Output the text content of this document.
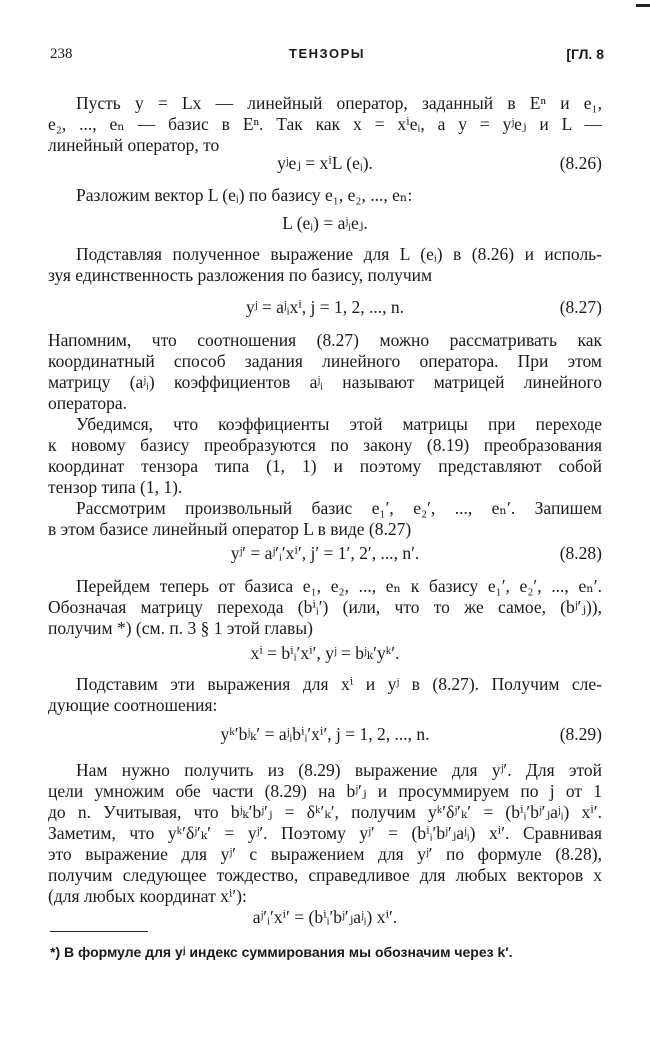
238	ТЕНЗОРЫ	[ГЛ. 8
Пусть y = Lx — линейный оператор, заданный в Eⁿ и e₁,
e₂, ..., eₙ — базис в Eⁿ. Так как x = xⁱeᵢ, а y = yʲeⱼ и L —
линейный оператор, то
yʲeⱼ = xⁱL (eᵢ).	(8.26)
Разложим вектор L (eᵢ) по базису e₁, e₂, ..., eₙ:
L (eᵢ) = aʲᵢeⱼ.
Подставляя полученное выражение для L (eᵢ) в (8.26) и исполь-
зуя единственность разложения по базису, получим
yʲ = aʲᵢxⁱ, j = 1, 2, ..., n.	(8.27)
Напомним, что соотношения (8.27) можно рассматривать как
координатный способ задания линейного оператора. При этом
матрицу (aʲᵢ) коэффициентов aʲᵢ называют матрицей линейного
оператора.
Убедимся, что коэффициенты этой матрицы при переходе
к новому базису преобразуются по закону (8.19) преобразования
координат тензора типа (1, 1) и поэтому представляют собой
тензор типа (1, 1).
Рассмотрим произвольный базис e₁′, e₂′, ..., eₙ′. Запишем
в этом базисе линейный оператор L в виде (8.27)
yʲ′ = aʲ′ᵢ′xⁱ′, j′ = 1′, 2′, ..., n′.	(8.28)
Перейдем теперь от базиса e₁, e₂, ..., eₙ к базису e₁′, e₂′, ..., eₙ′.
Обозначая матрицу перехода (bⁱᵢ′) (или, что то же самое, (bʲ′ⱼ)),
получим *) (см. п. 3 § 1 этой главы)
xⁱ = bⁱᵢ′xⁱ′, yʲ = bʲₖ′yᵏ′.
Подставим эти выражения для xⁱ и yʲ в (8.27). Получим сле-
дующие соотношения:
yᵏ′bʲₖ′ = aʲᵢbⁱᵢ′xⁱ′, j = 1, 2, ..., n.	(8.29)
Нам нужно получить из (8.29) выражение для yʲ′. Для этой
цели умножим обе части (8.29) на bʲ′ⱼ и просуммируем по j от 1
до n. Учитывая, что bʲₖ′bʲ′ⱼ = δᵏ′ₖ′, получим yᵏ′δʲ′ₖ′ = (bⁱᵢ′bʲ′ⱼaʲᵢ) xⁱ′.
Заметим, что yᵏ′δʲ′ₖ′ = yʲ′. Поэтому yʲ′ = (bⁱᵢ′bʲ′ⱼaʲᵢ) xⁱ′. Сравнивая
это выражение для yʲ′ с выражением для yʲ′ по формуле (8.28),
получим следующее тождество, справедливое для любых векторов x
(для любых координат xⁱ′):
aʲ′ᵢ′xⁱ′ = (bⁱᵢ′bʲ′ⱼaʲᵢ) xⁱ′.
*) В формуле для yʲ индекс суммирования мы обозначим через k′.
